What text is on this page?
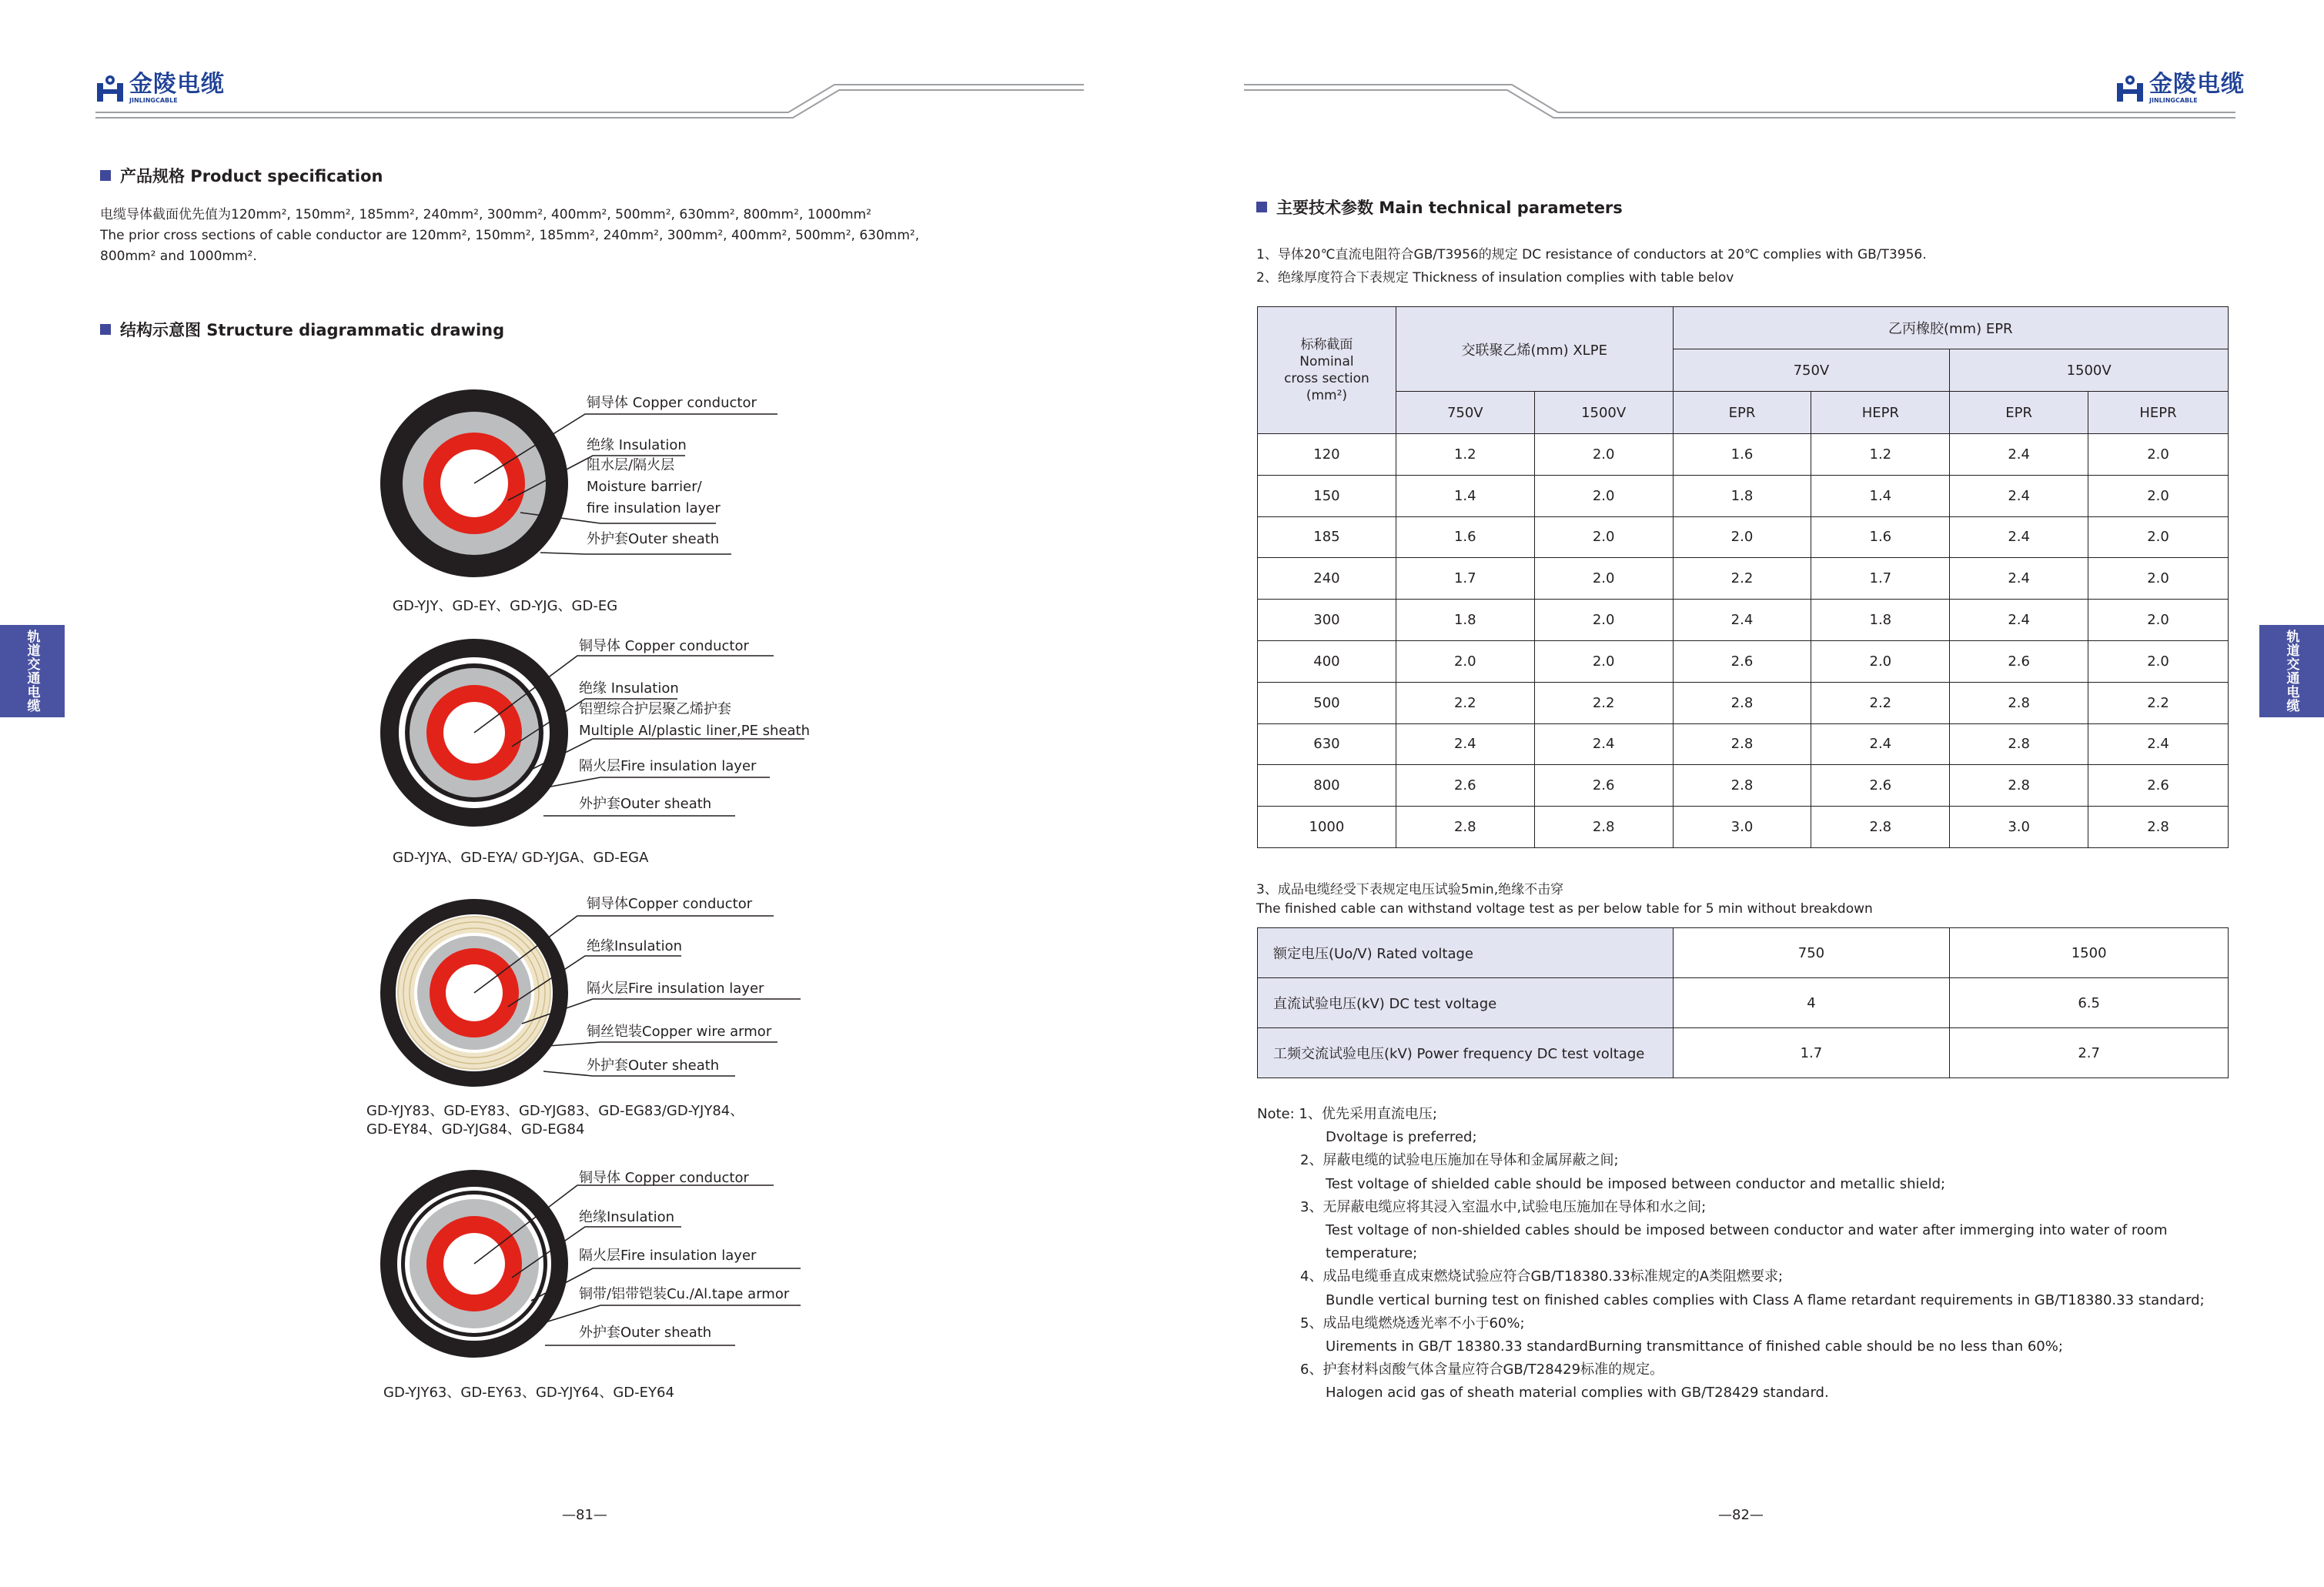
金陵电缆
JINLINGCABLE
金陵电缆
JINLINGCABLE
产品规格 Product specification
电缆导体截面优先值为120mm², 150mm², 185mm², 240mm², 300mm², 400mm², 500mm², 630mm², 800mm², 1000mm²
The prior cross sections of cable conductor are 120mm², 150mm², 185mm², 240mm², 300mm², 400mm², 500mm², 630mm²,
800mm² and 1000mm².
结构示意图 Structure diagrammatic drawing
铜导体 Copper conductor
绝缘 Insulation
阻水层/隔火层
Moisture barrier/
fire insulation layer
外护套Outer sheath
GD-YJY、GD-EY、GD-YJG、GD-EG
铜导体 Copper conductor
绝缘 Insulation
铝塑综合护层聚乙烯护套
Multiple Al/plastic liner,PE sheath
隔火层Fire insulation layer
外护套Outer sheath
GD-YJYA、GD-EYA/ GD-YJGA、GD-EGA
铜导体Copper conductor
绝缘Insulation
隔火层Fire insulation layer
铜丝铠装Copper wire armor
外护套Outer sheath
GD-YJY83、GD-EY83、GD-YJG83、GD-EG83/GD-YJY84、
GD-EY84、GD-YJG84、GD-EG84
铜导体 Copper conductor
绝缘Insulation
隔火层Fire insulation layer
铜带/铝带铠装Cu./Al.tape armor
外护套Outer sheath
GD-YJY63、GD-EY63、GD-YJY64、GD-EY64
轨道交通电缆	轨道交通电缆
—81—	—82—
主要技术参数 Main technical parameters
1、导体20℃直流电阻符合GB/T3956的规定 DC resistance of conductors at 20℃ complies with GB/T3956.
2、绝缘厚度符合下表规定 Thickness of insulation complies with table belov
标称截面
Nominal
cross section
(mm²)	交联聚乙烯(mm) XLPE		乙丙橡胶(mm) EPR			
			750V		1500V	
	750V	1500V	EPR	HEPR	EPR	HEPR
120	1.2	2.0	1.6	1.2	2.4	2.0
150	1.4	2.0	1.8	1.4	2.4	2.0
185	1.6	2.0	2.0	1.6	2.4	2.0
240	1.7	2.0	2.2	1.7	2.4	2.0
300	1.8	2.0	2.4	1.8	2.4	2.0
400	2.0	2.0	2.6	2.0	2.6	2.0
500	2.2	2.2	2.8	2.2	2.8	2.2
630	2.4	2.4	2.8	2.4	2.8	2.4
800	2.6	2.6	2.8	2.6	2.8	2.6
1000	2.8	2.8	3.0	2.8	3.0	2.8
3、成品电缆经受下表规定电压试验5min,绝缘不击穿
The finished cable can withstand voltage test as per below table for 5 min without breakdown
额定电压(Uo/V) Rated voltage	750	1500
直流试验电压(kV) DC test voltage	4	6.5
工频交流试验电压(kV) Power frequency DC test voltage	1.7	2.7
Note: 1、优先采用直流电压;
Dvoltage is preferred;
2、屏蔽电缆的试验电压施加在导体和金属屏蔽之间;
Test voltage of shielded cable should be imposed between conductor and metallic shield;
3、无屏蔽电缆应将其浸入室温水中,试验电压施加在导体和水之间;
Test voltage of non-shielded cables should be imposed between conductor and water after immerging into water of room
temperature;
4、成品电缆垂直成束燃烧试验应符合GB/T18380.33标准规定的A类阻燃要求;
Bundle vertical burning test on finished cables complies with Class A flame retardant requirements in GB/T18380.33 standard;
5、成品电缆燃烧透光率不小于60%;
Uirements in GB/T 18380.33 standardBurning transmittance of finished cable should be no less than 60%;
6、护套材料卤酸气体含量应符合GB/T28429标准的规定。
Halogen acid gas of sheath material complies with GB/T28429 standard.
